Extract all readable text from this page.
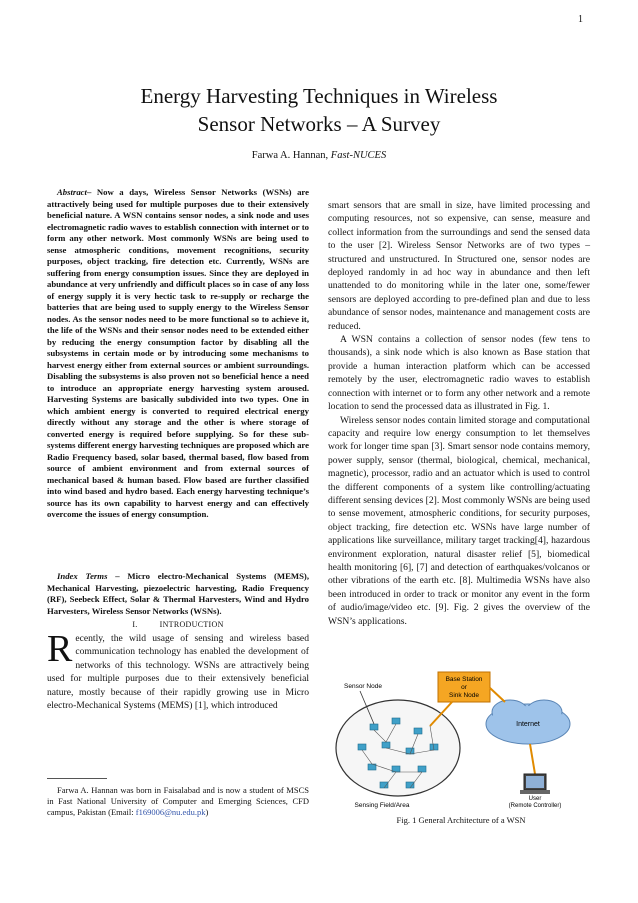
1
Energy Harvesting Techniques in Wireless
Sensor Networks – A Survey
Farwa A. Hannan, Fast-NUCES

Abstract– Now a days, Wireless Sensor Networks (WSNs) are attractively being used for multiple purposes due to their extensively beneficial nature. A WSN contains sensor nodes, a sink node and uses electromagnetic radio waves to establish connection with internet or to form any other network. Most commonly WSNs are being used to sense atmospheric conditions, movement recognitions, security purposes, object tracking, fire detection etc. Currently, WSNs are suffering from energy consumption issues. Since they are deployed in abundance at very unfriendly and difficult places so in case of any loss of energy supply it is very hectic task to re-supply or recharge the batteries that are being used to supply energy to the Wireless Sensor nodes. As the sensor nodes need to be more functional so to achieve it, the life of the WSNs and their sensor nodes need to be extended either by reducing the energy consumption factor by disabling all the subsystems in certain mode or by introducing some mechanisms to harvest energy either from external sources or ambient surroundings. Disabling the subsystems is also proven not so beneficial hence a need to introduce an appropriate energy harvesting system aroused. Harvesting Systems are basically subdivided into two types. One in which ambient energy is converted to required electrical energy directly without any storage and the other is where storage of converted energy is required before supplying. So for these sub-systems different energy harvesting techniques are proposed which are Radio Frequency based, solar based, thermal based, flow based from source of ambient environment and from external sources of mechanical based & human based. Flow based are further classified into wind based and hydro based. Each energy harvesting technique’s source has its own capability to harvest energy and can effectively overcome the issues of energy consumption.

Index Terms – Micro electro-Mechanical Systems (MEMS), Mechanical Harvesting, piezoelectric harvesting, Radio Frequency (RF), Seebeck Effect, Solar & Thermal Harvesters, Wind and Hydro Harvesters, Wireless Sensor Networks (WSNs).

I.	INTRODUCTION
Recently, the wild usage of sensing and wireless based communication technology has enabled the development of networks of this technology. WSNs are attractively being used for multiple purposes due to their extensively beneficial nature, mostly because of their rapidly growing use in Micro electro-Mechanical Systems (MEMS) [1], which introduced

Farwa A. Hannan was born in Faisalabad and is now a student of MSCS in Fast National University of Computer and Emerging Sciences, CFD campus, Pakistan (Email: f169006@nu.edu.pk)

smart sensors that are small in size, have limited processing and computing resources, not so expensive, can sense, measure and collect information from the surroundings and send the sensed data to the user [2]. Wireless Sensor Networks are of two types – structured and unstructured. In Structured one, sensor nodes are deployed randomly in ad hoc way in abundance and then left unattended to do monitoring while in the later one, some/fewer sensors are deployed according to pre-defined plan and due to less abundance of sensor nodes, maintenance and management costs are reduced.

A WSN contains a collection of sensor nodes (few tens to thousands), a sink node which is also known as Base station that provide a human interaction platform which can be accessed remotely by the user, electromagnetic radio waves to establish connection with internet or to form any other network and a remote location to send the processed data as illustrated in Fig. 1.

Wireless sensor nodes contain limited storage and computational capacity and require low energy consumption to let themselves work for longer time span [3]. Smart sensor node contains memory, power supply, sensor (thermal, biological, chemical, mechanical, magnetic), processor, radio and an actuator which is used to control the different components of a system like controlling/actuating different sensing devices [2]. Most commonly WSNs are being used to sense movement, atmospheric conditions, for security purposes, object tracking, fire detection etc. WSNs have large number of applications like surveillance, military target tracking[4], hazardous environment exploration, natural disaster relief [5], biomedical health monitoring [6], [7] and detection of earthquakes/volcanos or other vibrations of the earth etc. [8]. Multimedia WSNs have also been introduced in order to track or monitor any event in the form of audio/image/video etc. [9]. Fig. 2 gives the overview of the WSN’s applications.

Base Station
or
Sink Node
Internet
User
(Remote Controller)
Sensor Node
Sensing Field/Area
Fig. 1 General Architecture of a WSN
